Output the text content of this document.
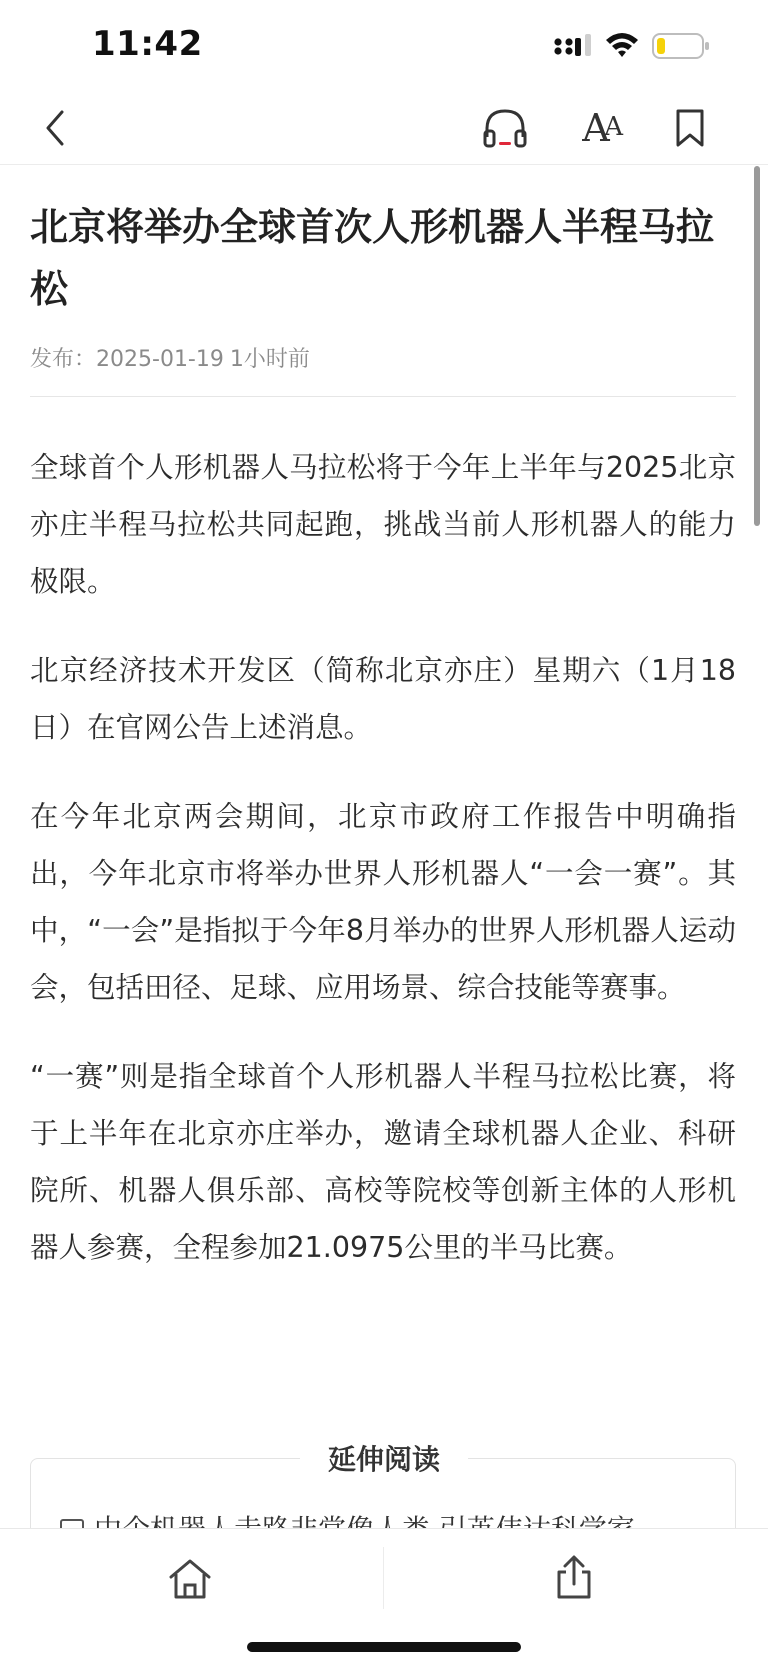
11:42
A
A
北京将举办全球首次人形机器人半程马拉松
发布：2025-01-19 1小时前

全球首个人形机器人马拉松将于今年上半年与2025北京亦庄半程马拉松共同起跑，挑战当前人形机器人的能力极限。

北京经济技术开发区（简称北京亦庄）星期六（1月18日）在官网公告上述消息。

在今年北京两会期间，北京市政府工作报告中明确指出，今年北京市将举办世界人形机器人“一会一赛”。其中，“一会”是指拟于今年8月举办的世界人形机器人运动会，包括田径、足球、应用场景、综合技能等赛事。

“一赛”则是指全球首个人形机器人半程马拉松比赛，将于上半年在北京亦庄举办，邀请全球机器人企业、科研院所、机器人俱乐部、高校等院校等创新主体的人形机器人参赛，全程参加21.0975公里的半马比赛。

延伸阅读
